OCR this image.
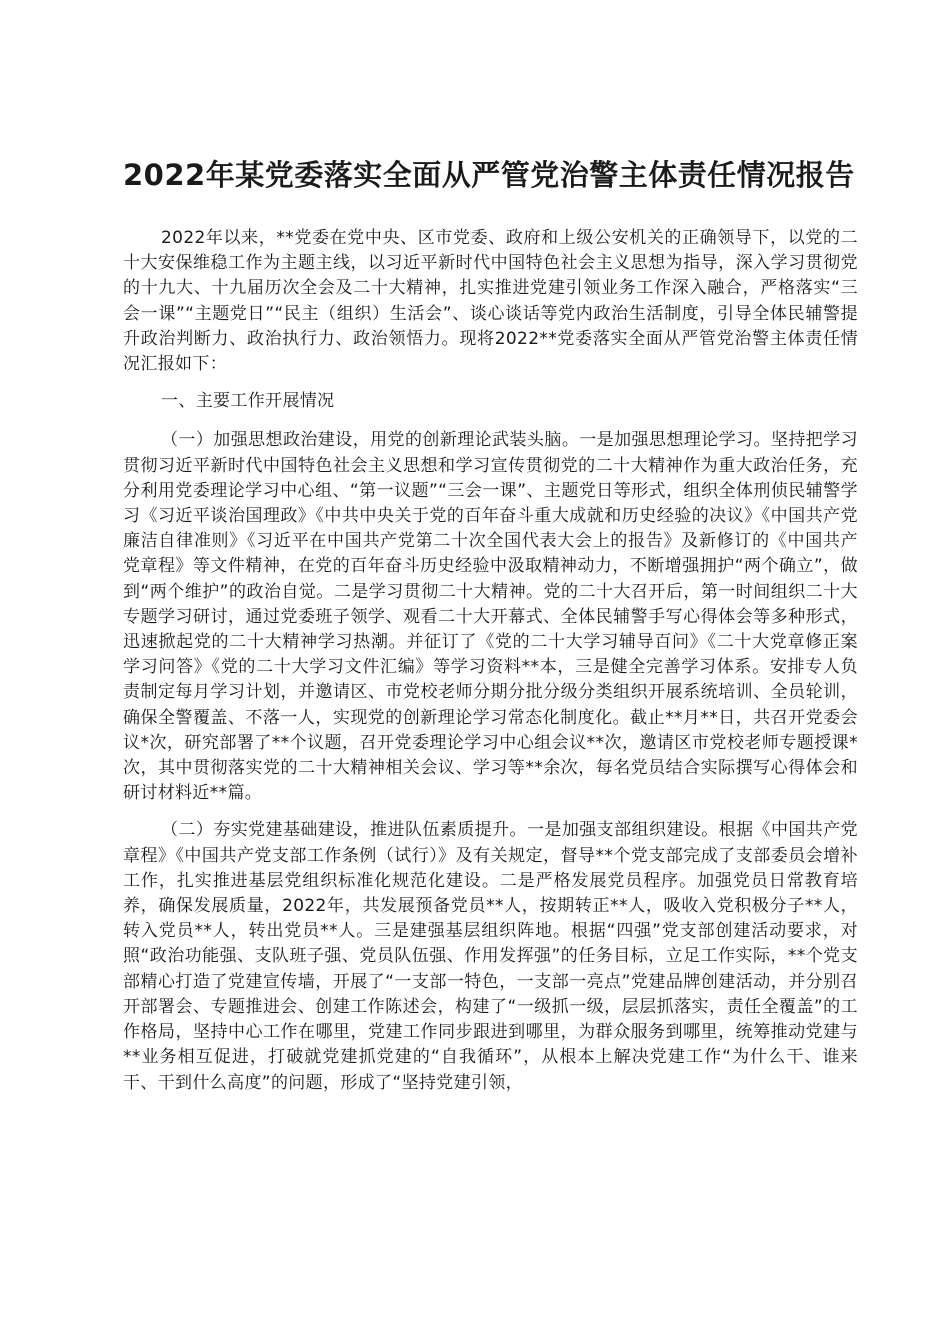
2022年某党委落实全面从严管党治警主体责任情况报告

2022年以来，**党委在党中央、区市党委、政府和上级公安机关的正确领导下，以党的二十大安保维稳工作为主题主线，以习近平新时代中国特色社会主义思想为指导，深入学习贯彻党的十九大、十九届历次全会及二十大精神，扎实推进党建引领业务工作深入融合，严格落实“三会一课”“主题党日”“民主（组织）生活会”、谈心谈话等党内政治生活制度，引导全体民辅警提升政治判断力、政治执行力、政治领悟力。现将2022**党委落实全面从严管党治警主体责任情况汇报如下：

一、主要工作开展情况

（一）加强思想政治建设，用党的创新理论武装头脑。一是加强思想理论学习。坚持把学习贯彻习近平新时代中国特色社会主义思想和学习宣传贯彻党的二十大精神作为重大政治任务，充分利用党委理论学习中心组、“第一议题”“三会一课”、主题党日等形式，组织全体刑侦民辅警学习《习近平谈治国理政》《中共中央关于党的百年奋斗重大成就和历史经验的决议》《中国共产党廉洁自律准则》《习近平在中国共产党第二十次全国代表大会上的报告》及新修订的《中国共产党章程》等文件精神，在党的百年奋斗历史经验中汲取精神动力，不断增强拥护“两个确立”，做到“两个维护”的政治自觉。二是学习贯彻二十大精神。党的二十大召开后，第一时间组织二十大专题学习研讨，通过党委班子领学、观看二十大开幕式、全体民辅警手写心得体会等多种形式，迅速掀起党的二十大精神学习热潮。并征订了《党的二十大学习辅导百问》《二十大党章修正案学习问答》《党的二十大学习文件汇编》等学习资料**本，三是健全完善学习体系。安排专人负责制定每月学习计划，并邀请区、市党校老师分期分批分级分类组织开展系统培训、全员轮训，确保全警覆盖、不落一人，实现党的创新理论学习常态化制度化。截止**月**日，共召开党委会议*次，研究部署了**个议题，召开党委理论学习中心组会议**次，邀请区市党校老师专题授课*次，其中贯彻落实党的二十大精神相关会议、学习等**余次，每名党员结合实际撰写心得体会和研讨材料近**篇。

（二）夯实党建基础建设，推进队伍素质提升。一是加强支部组织建设。根据《中国共产党章程》《中国共产党支部工作条例（试行）》及有关规定，督导**个党支部完成了支部委员会增补工作，扎实推进基层党组织标准化规范化建设。二是严格发展党员程序。加强党员日常教育培养，确保发展质量，2022年，共发展预备党员**人，按期转正**人，吸收入党积极分子**人，转入党员**人，转出党员**人。三是建强基层组织阵地。根据“四强”党支部创建活动要求，对照“政治功能强、支队班子强、党员队伍强、作用发挥强”的任务目标，立足工作实际，**个党支部精心打造了党建宣传墙，开展了“一支部一特色，一支部一亮点”党建品牌创建活动，并分别召开部署会、专题推进会、创建工作陈述会，构建了“一级抓一级，层层抓落实，责任全覆盖”的工作格局，坚持中心工作在哪里，党建工作同步跟进到哪里，为群众服务到哪里，统筹推动党建与**业务相互促进，打破就党建抓党建的“自我循环”，从根本上解决党建工作“为什么干、谁来干、干到什么高度”的问题，形成了“坚持党建引领，
